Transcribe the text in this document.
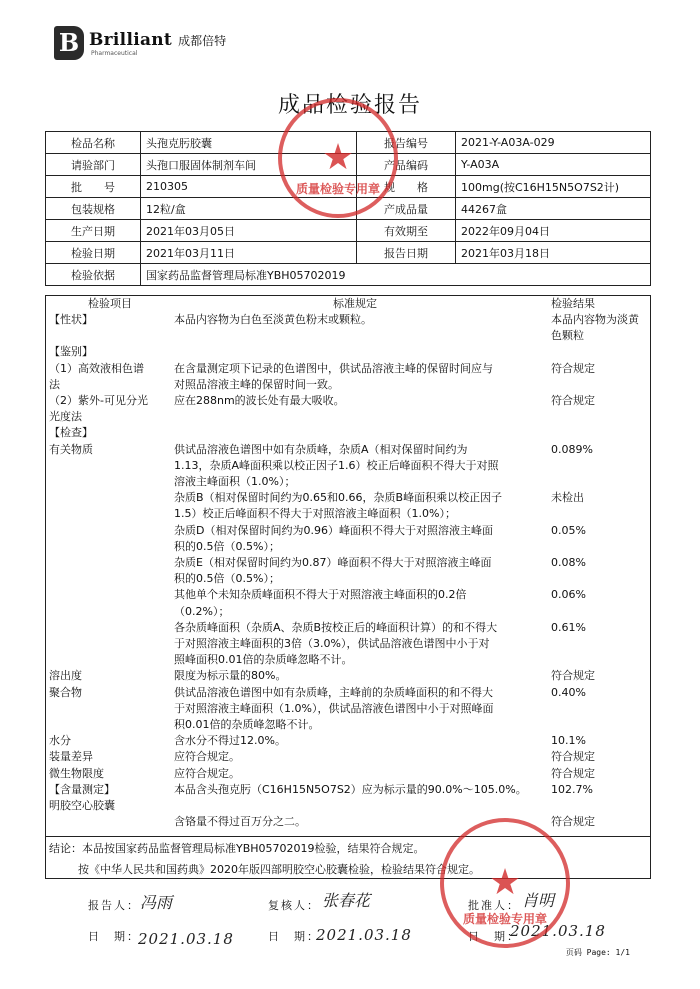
B Brilliant 成都倍特
Pharmaceutical
成品检验报告
检品名称	头孢克肟胶囊	报告编号	2021-Y-A03A-029
请验部门	头孢口服固体制剂车间	产品编码	Y-A03A
批　　号	210305	规　　格	100mg(按C16H15N5O7S2计)
包装规格	12粒/盒	产成品量	44267盒
生产日期	2021年03月05日	有效期至	2022年09月04日
检验日期	2021年03月11日	报告日期	2021年03月18日
检验依据	国家药品监督管理局标准YBH05702019		
检验项目	标准规定	检验结果
【性状】	本品内容物为白色至淡黄色粉末或颗粒。	本品内容物为淡黄
色颗粒
【鉴别】
（1）高效液相色谱	在含量测定项下记录的色谱图中，供试品溶液主峰的保留时间应与	符合规定
法	对照品溶液主峰的保留时间一致。
（2）紫外-可见分光	应在288nm的波长处有最大吸收。	符合规定
光度法
【检查】
有关物质	供试品溶液色谱图中如有杂质峰，杂质A（相对保留时间约为	0.089%
1.13，杂质A峰面积乘以校正因子1.6）校正后峰面积不得大于对照
溶液主峰面积（1.0%）；
杂质B（相对保留时间约为0.65和0.66，杂质B峰面积乘以校正因子	未检出
1.5）校正后峰面积不得大于对照溶液主峰面积（1.0%）；
杂质D（相对保留时间约为0.96）峰面积不得大于对照溶液主峰面	0.05%
积的0.5倍（0.5%）；
杂质E（相对保留时间约为0.87）峰面积不得大于对照溶液主峰面	0.08%
积的0.5倍（0.5%）；
其他单个未知杂质峰面积不得大于对照溶液主峰面积的0.2倍	0.06%
（0.2%）；
各杂质峰面积（杂质A、杂质B按校正后的峰面积计算）的和不得大	0.61%
于对照溶液主峰面积的3倍（3.0%），供试品溶液色谱图中小于对
照峰面积0.01倍的杂质峰忽略不计。
溶出度	限度为标示量的80%。	符合规定
聚合物	供试品溶液色谱图中如有杂质峰，主峰前的杂质峰面积的和不得大	0.40%
于对照溶液主峰面积（1.0%），供试品溶液色谱图中小于对照峰面
积0.01倍的杂质峰忽略不计。
水分	含水分不得过12.0%。	10.1%
装量差异	应符合规定。	符合规定
微生物限度	应符合规定。	符合规定
【含量测定】	本品含头孢克肟（C16H15N5O7S2）应为标示量的90.0%～105.0%。	102.7%
明胶空心胶囊
含铬量不得过百万分之二。	符合规定
结论：本品按国家药品监督管理局标准YBH05702019检验，结果符合规定。
按《中华人民共和国药典》2020年版四部明胶空心胶囊检验，检验结果符合规定。
报告人： 冯雨
日　期：
2021.03.18
复核人： 张春花
日　期：
2021.03.18
批准人： 肖明
日　期：
2021.03.18
页码 Page: 1/1
★
质量检验专用章
★
质量检验专用章
